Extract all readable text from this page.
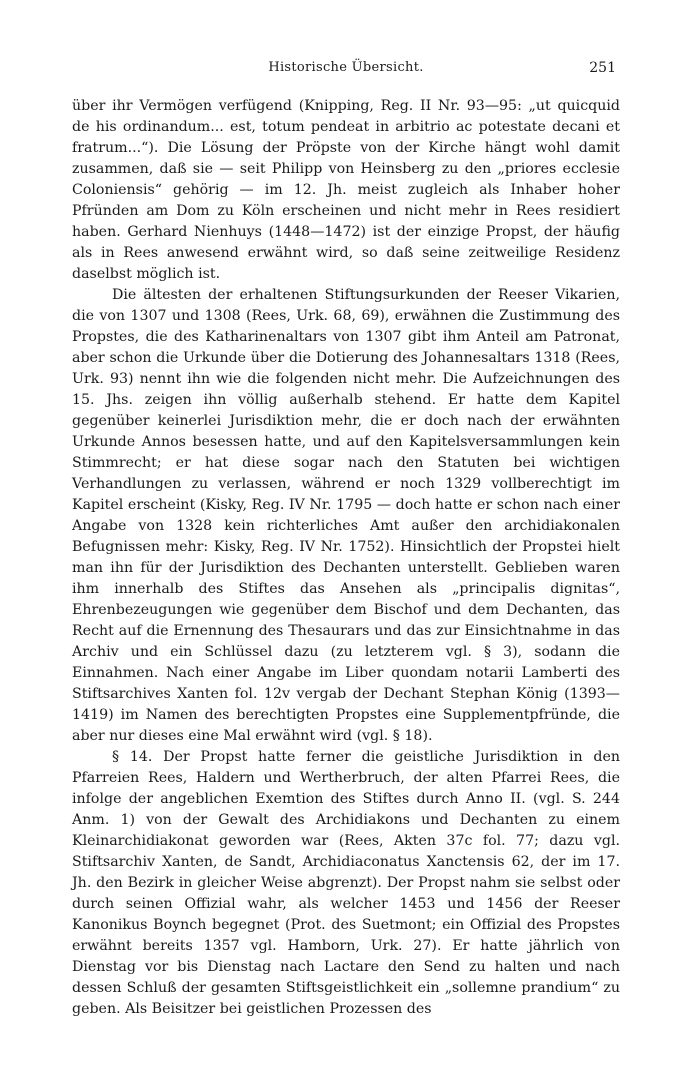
Historische Übersicht.	251

über ihr Vermögen verfügend (Knipping, Reg. II Nr. 93—95: „ut quicquid de his ordinandum... est, totum pendeat in arbitrio ac potestate decani et fratrum...“). Die Lösung der Pröpste von der Kirche hängt wohl damit zusammen, daß sie — seit Philipp von Heinsberg zu den „priores ecclesie Coloniensis“ gehörig — im 12. Jh. meist zugleich als Inhaber hoher Pfründen am Dom zu Köln erscheinen und nicht mehr in Rees residiert haben. Gerhard Nienhuys (1448—1472) ist der einzige Propst, der häufig als in Rees anwesend erwähnt wird, so daß seine zeitweilige Residenz daselbst möglich ist.

Die ältesten der erhaltenen Stiftungsurkunden der Reeser Vikarien, die von 1307 und 1308 (Rees, Urk. 68, 69), erwähnen die Zustimmung des Propstes, die des Katharinenaltars von 1307 gibt ihm Anteil am Patronat, aber schon die Urkunde über die Dotierung des Johannesaltars 1318 (Rees, Urk. 93) nennt ihn wie die folgenden nicht mehr. Die Aufzeichnungen des 15. Jhs. zeigen ihn völlig außerhalb stehend. Er hatte dem Kapitel gegenüber keinerlei Jurisdiktion mehr, die er doch nach der erwähnten Urkunde Annos besessen hatte, und auf den Kapitelsversammlungen kein Stimmrecht; er hat diese sogar nach den Statuten bei wichtigen Verhandlungen zu verlassen, während er noch 1329 vollberechtigt im Kapitel erscheint (Kisky, Reg. IV Nr. 1795 — doch hatte er schon nach einer Angabe von 1328 kein richterliches Amt außer den archidiakonalen Befugnissen mehr: Kisky, Reg. IV Nr. 1752). Hinsichtlich der Propstei hielt man ihn für der Jurisdiktion des Dechanten unterstellt. Geblieben waren ihm innerhalb des Stiftes das Ansehen als „principalis dignitas“, Ehrenbezeugungen wie gegenüber dem Bischof und dem Dechanten, das Recht auf die Ernennung des Thesaurars und das zur Einsichtnahme in das Archiv und ein Schlüssel dazu (zu letzterem vgl. § 3), sodann die Einnahmen. Nach einer Angabe im Liber quondam notarii Lamberti des Stiftsarchives Xanten fol. 12v vergab der Dechant Stephan König (1393—1419) im Namen des berechtigten Propstes eine Supplementpfründe, die aber nur dieses eine Mal erwähnt wird (vgl. § 18).

§ 14. Der Propst hatte ferner die geistliche Jurisdiktion in den Pfarreien Rees, Haldern und Wertherbruch, der alten Pfarrei Rees, die infolge der angeblichen Exemtion des Stiftes durch Anno II. (vgl. S. 244 Anm. 1) von der Gewalt des Archidiakons und Dechanten zu einem Kleinarchidiakonat geworden war (Rees, Akten 37c fol. 77; dazu vgl. Stiftsarchiv Xanten, de Sandt, Archidiaconatus Xanctensis 62, der im 17. Jh. den Bezirk in gleicher Weise abgrenzt). Der Propst nahm sie selbst oder durch seinen Offizial wahr, als welcher 1453 und 1456 der Reeser Kanonikus Boynch begegnet (Prot. des Suetmont; ein Offizial des Propstes erwähnt bereits 1357 vgl. Hamborn, Urk. 27). Er hatte jährlich von Dienstag vor bis Dienstag nach Lactare den Send zu halten und nach dessen Schluß der gesamten Stiftsgeistlichkeit ein „sollemne prandium“ zu geben. Als Beisitzer bei geistlichen Prozessen des
